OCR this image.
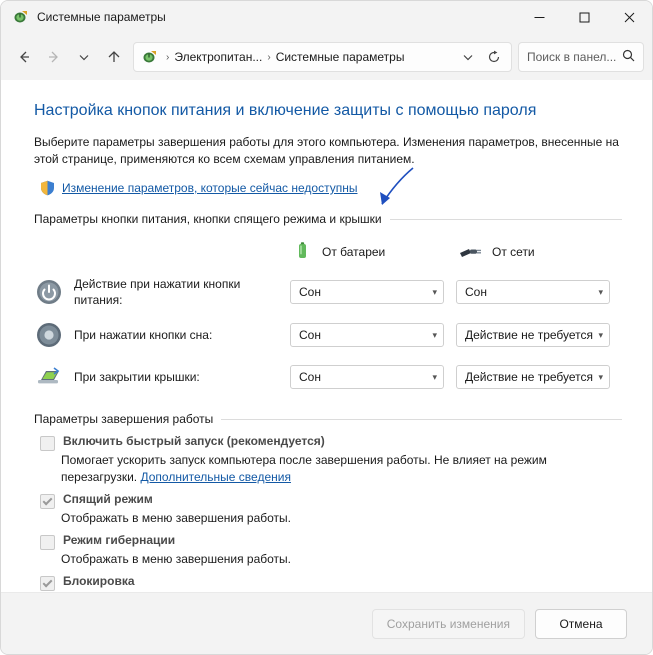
Системные параметры
› Электропитан... › Системные параметры	Поиск в панел...
Настройка кнопок питания и включение защиты с помощью пароля
Выберите параметры завершения работы для этого компьютера. Изменения параметров, внесенные на этой странице, применяются ко всем схемам управления питанием.
Изменение параметров, которые сейчас недоступны
Параметры кнопки питания, кнопки спящего режима и крышки

	От батареи	От сети

Действие при нажатии кнопки питания:	Сон ▾	Сон ▾

При нажатии кнопки сна:	Сон ▾	Действие не требуется ▾

При закрытии крышки:	Сон ▾	Действие не требуется ▾
Параметры завершения работы
Включить быстрый запуск (рекомендуется)
Помогает ускорить запуск компьютера после завершения работы. Не влияет на режим перезагрузки. Дополнительные сведения
Спящий режим
Отображать в меню завершения работы.
Режим гибернации
Отображать в меню завершения работы.
Блокировка
Сохранить изменения	Отмена
